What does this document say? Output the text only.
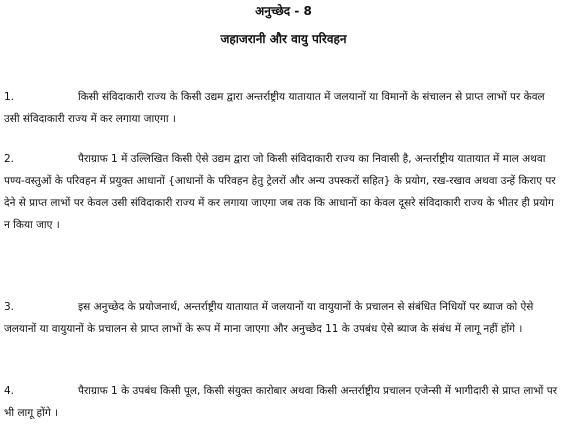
अनुच्छेद - 8
जहाजरानी और वायु परिवहन

1.	किसी संविदाकारी राज्य के किसी उद्यम द्वारा अन्तर्राष्ट्रीय यातायात में जलयानों या विमानों के संचालन से प्राप्त लाभों पर केवल उसी संविदाकारी राज्य में कर लगाया जाएगा ।

2.	पैराग्राफ 1 में उल्लिखित किसी ऐसे उद्यम द्वारा जो किसी संविदाकारी राज्य का निवासी है, अन्तर्राष्ट्रीय यातायात में माल अथवा पण्य-वस्तुओं के परिवहन में प्रयुक्त आधानों {आधानों के परिवहन हेतु ट्रेलरों और अन्य उपस्करों सहित} के प्रयोग, रख-रखाव अथवा उन्हें किराए पर देने से प्राप्त लाभों पर केवल उसी संविदाकारी राज्य में कर लगाया जाएगा जब तक कि आधानों का केवल दूसरे संविदाकारी राज्य के भीतर ही प्रयोग न किया जाए ।

3.	इस अनुच्छेद के प्रयोजनार्थ, अन्तर्राष्ट्रीय यातायात में जलयानों या वायुयानों के प्रचालन से संबंधित निधियों पर ब्याज को ऐसे जलयानों या वायुयानों के प्रचालन से प्राप्त लाभों के रूप में माना जाएगा और अनुच्छेद 11 के उपबंध ऐसे ब्याज के संबंध में लागू नहीं होंगे ।

4.	पैराग्राफ 1 के उपबंध किसी पूल, किसी संयुक्त कारोबार अथवा किसी अन्तर्राष्ट्रीय प्रचालन एजेन्सी में भागीदारी से प्राप्त लाभों पर भी लागू होंगे ।
